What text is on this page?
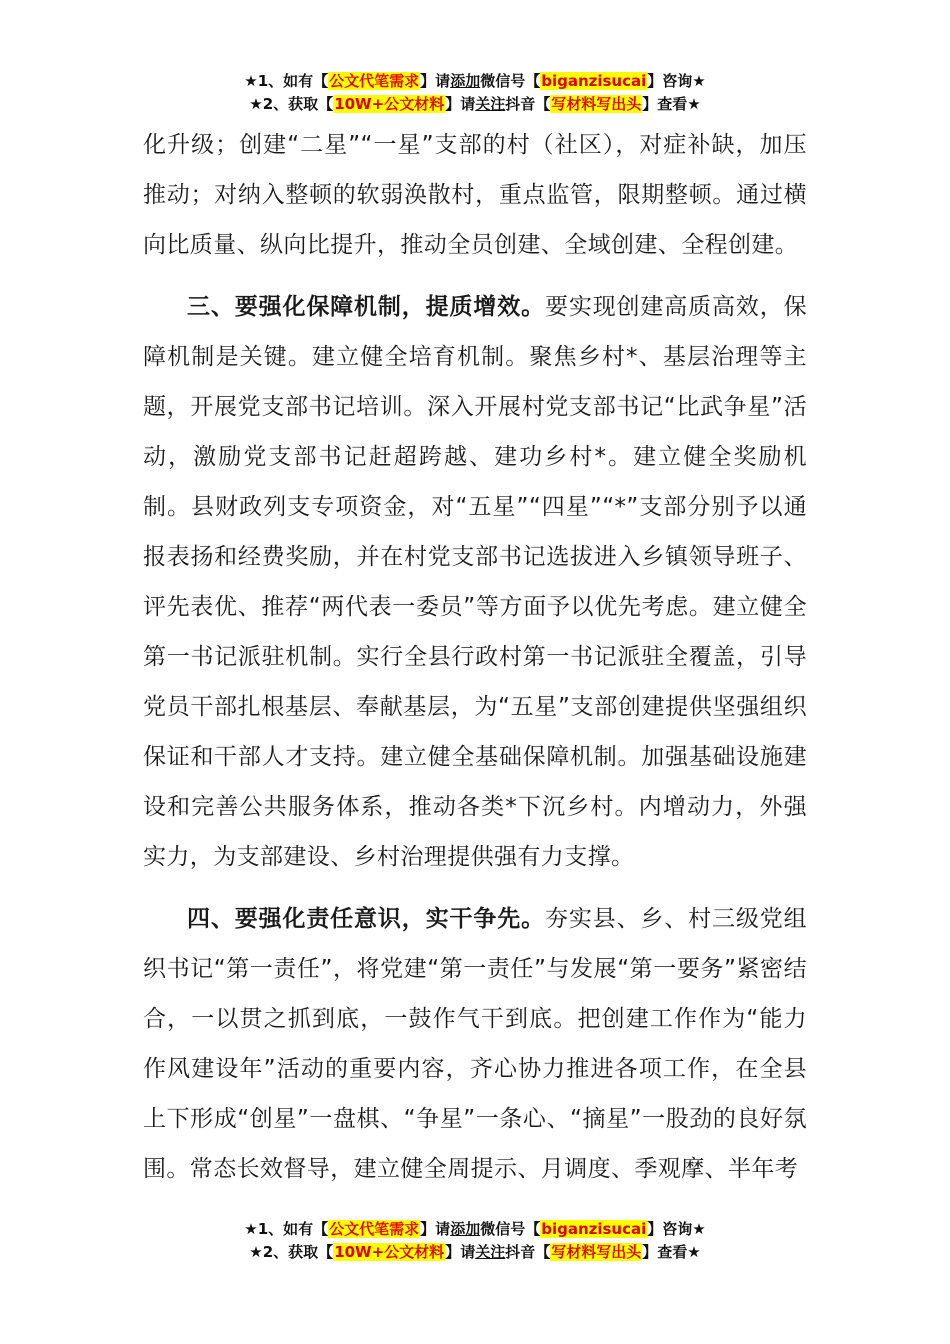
★1、如有【公文代笔需求】请添加微信号【biganzisucai】咨询★
★2、获取【10W+公文材料】请关注抖音【写材料写出头】查看★

化升级；创建“二星”“一星”支部的村（社区），对症补缺，加压推动；对纳入整顿的软弱涣散村，重点监管，限期整顿。通过横向比质量、纵向比提升，推动全员创建、全域创建、全程创建。

三、要强化保障机制，提质增效。要实现创建高质高效，保障机制是关键。建立健全培育机制。聚焦乡村*、基层治理等主题，开展党支部书记培训。深入开展村党支部书记“比武争星”活动，激励党支部书记赶超跨越、建功乡村*。建立健全奖励机制。县财政列支专项资金，对“五星”“四星”“*”支部分别予以通报表扬和经费奖励，并在村党支部书记选拔进入乡镇领导班子、评先表优、推荐“两代表一委员”等方面予以优先考虑。建立健全第一书记派驻机制。实行全县行政村第一书记派驻全覆盖，引导党员干部扎根基层、奉献基层，为“五星”支部创建提供坚强组织保证和干部人才支持。建立健全基础保障机制。加强基础设施建设和完善公共服务体系，推动各类*下沉乡村。内增动力，外强实力，为支部建设、乡村治理提供强有力支撑。

四、要强化责任意识，实干争先。夯实县、乡、村三级党组织书记“第一责任”，将党建“第一责任”与发展“第一要务”紧密结合，一以贯之抓到底，一鼓作气干到底。把创建工作作为“能力作风建设年”活动的重要内容，齐心协力推进各项工作，在全县上下形成“创星”一盘棋、“争星”一条心、“摘星”一股劲的良好氛围。常态长效督导，建立健全周提示、月调度、季观摩、半年考

★1、如有【公文代笔需求】请添加微信号【biganzisucai】咨询★
★2、获取【10W+公文材料】请关注抖音【写材料写出头】查看★
